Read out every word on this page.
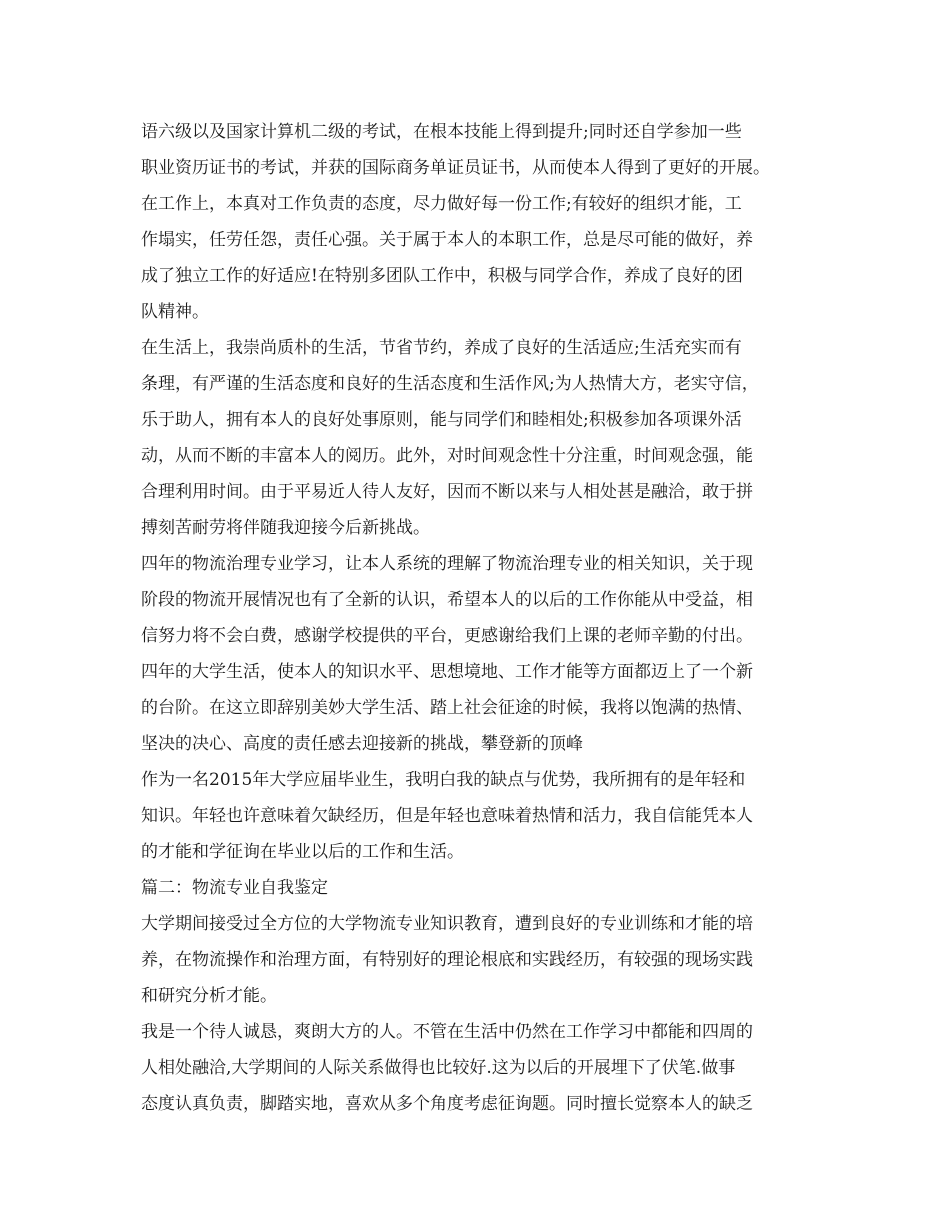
语六级以及国家计算机二级的考试，在根本技能上得到提升;同时还自学参加一些
职业资历证书的考试，并获的国际商务单证员证书，从而使本人得到了更好的开展。
在工作上，本真对工作负责的态度，尽力做好每一份工作;有较好的组织才能，工
作塌实，任劳任怨，责任心强。关于属于本人的本职工作，总是尽可能的做好，养
成了独立工作的好适应!在特别多团队工作中，积极与同学合作，养成了良好的团
队精神。
在生活上，我崇尚质朴的生活，节省节约，养成了良好的生活适应;生活充实而有
条理，有严谨的生活态度和良好的生活态度和生活作风;为人热情大方，老实守信，
乐于助人，拥有本人的良好处事原则，能与同学们和睦相处;积极参加各项课外活
动，从而不断的丰富本人的阅历。此外，对时间观念性十分注重，时间观念强，能
合理利用时间。由于平易近人待人友好，因而不断以来与人相处甚是融洽，敢于拼
搏刻苦耐劳将伴随我迎接今后新挑战。
四年的物流治理专业学习，让本人系统的理解了物流治理专业的相关知识，关于现
阶段的物流开展情况也有了全新的认识，希望本人的以后的工作你能从中受益，相
信努力将不会白费，感谢学校提供的平台，更感谢给我们上课的老师辛勤的付出。
四年的大学生活，使本人的知识水平、思想境地、工作才能等方面都迈上了一个新
的台阶。在这立即辞别美妙大学生活、踏上社会征途的时候，我将以饱满的热情、
坚决的决心、高度的责任感去迎接新的挑战，攀登新的顶峰
作为一名2015年大学应届毕业生，我明白我的缺点与优势，我所拥有的是年轻和
知识。年轻也许意味着欠缺经历，但是年轻也意味着热情和活力，我自信能凭本人
的才能和学征询在毕业以后的工作和生活。
篇二：物流专业自我鉴定
大学期间接受过全方位的大学物流专业知识教育，遭到良好的专业训练和才能的培
养，在物流操作和治理方面，有特别好的理论根底和实践经历，有较强的现场实践
和研究分析才能。
我是一个待人诚恳，爽朗大方的人。不管在生活中仍然在工作学习中都能和四周的
人相处融洽,大学期间的人际关系做得也比较好.这为以后的开展埋下了伏笔.做事
态度认真负责，脚踏实地，喜欢从多个角度考虑征询题。同时擅长觉察本人的缺乏
